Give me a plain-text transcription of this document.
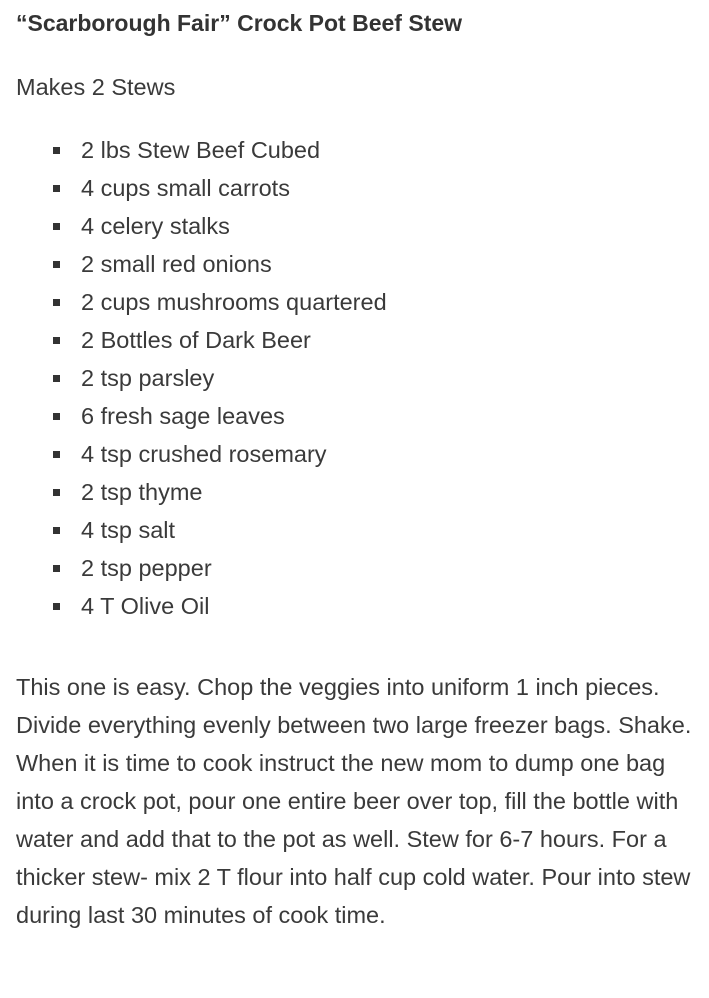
“Scarborough Fair” Crock Pot Beef Stew

Makes 2 Stews

2 lbs Stew Beef Cubed
4 cups small carrots
4 celery stalks
2 small red onions
2 cups mushrooms quartered
2 Bottles of Dark Beer
2 tsp parsley
6 fresh sage leaves
4 tsp crushed rosemary
2 tsp thyme
4 tsp salt
2 tsp pepper
4 T Olive Oil

This one is easy. Chop the veggies into uniform 1 inch pieces. Divide everything evenly between two large freezer bags. Shake. When it is time to cook instruct the new mom to dump one bag into a crock pot, pour one entire beer over top, fill the bottle with water and add that to the pot as well. Stew for 6-7 hours. For a thicker stew- mix 2 T flour into half cup cold water. Pour into stew during last 30 minutes of cook time.
